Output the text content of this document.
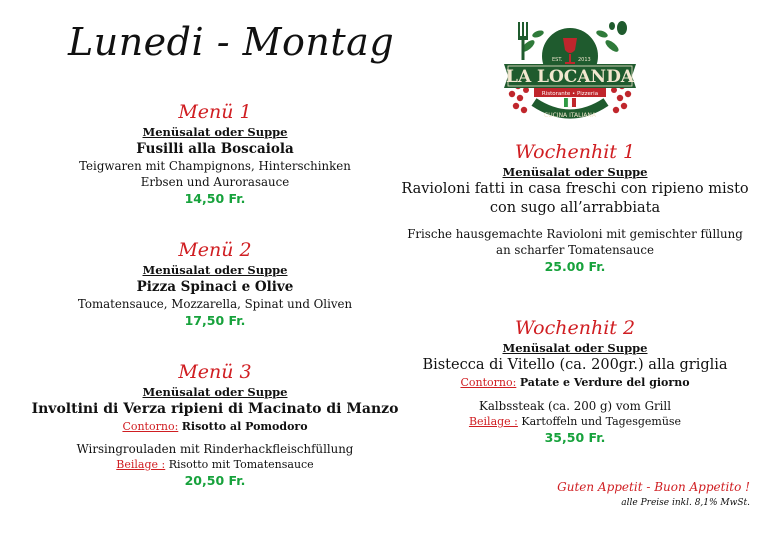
Lunedi - Montag	EST.	2013
LA LOCANDA
Ristorante • Pizzeria
CUCINA ITALIANA
Menü 1
Menüsalat oder Suppe
Fusilli alla Boscaiola
Teigwaren mit Champignons, Hinterschinken
Erbsen und Aurorasauce
14,50 Fr.
Menü 2
Menüsalat oder Suppe
Pizza Spinaci e Olive
Tomatensauce, Mozzarella, Spinat und Oliven
17,50 Fr.
Menü 3
Menüsalat oder Suppe
Involtini di Verza ripieni di Macinato di Manzo
Contorno: Risotto al Pomodoro
Wirsingrouladen mit Rinderhackfleischfüllung
Beilage : Risotto mit Tomatensauce
20,50 Fr.
Wochenhit 1
Menüsalat oder Suppe
Ravioloni fatti in casa freschi con ripieno misto
con sugo all’arrabbiata
Frische hausgemachte Ravioloni mit gemischter füllung
an scharfer Tomatensauce
25.00 Fr.
Wochenhit 2
Menüsalat oder Suppe
Bistecca di Vitello (ca. 200gr.) alla griglia
Contorno: Patate e Verdure del giorno
Kalbssteak (ca. 200 g) vom Grill
Beilage : Kartoffeln und Tagesgemüse
35,50 Fr.
Guten Appetit - Buon Appetito !
alle Preise inkl. 8,1% MwSt.
